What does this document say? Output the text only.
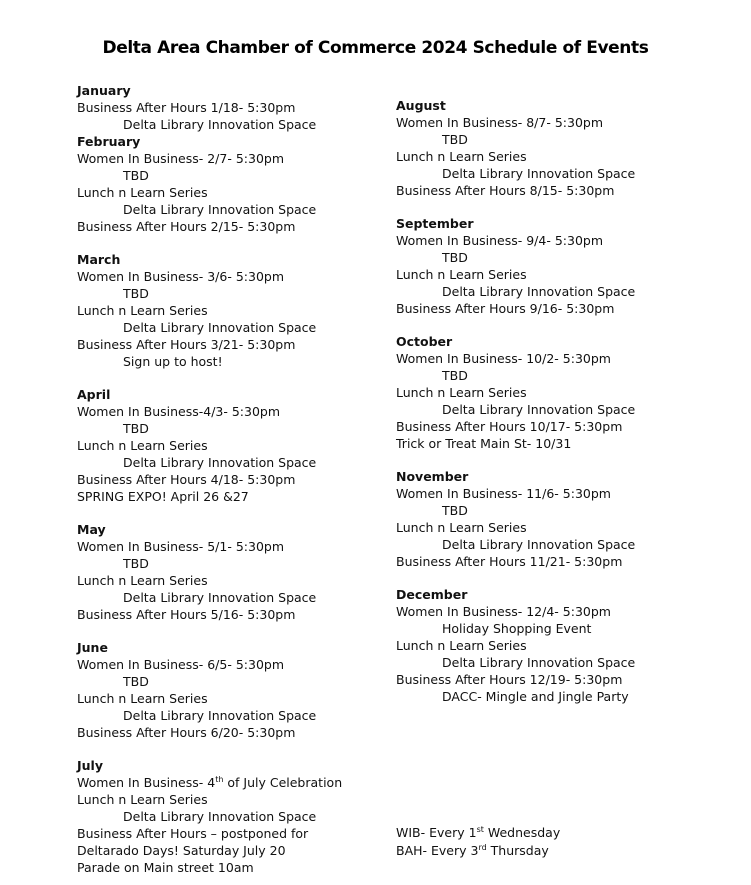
Delta Area Chamber of Commerce 2024 Schedule of Events
January
Business After Hours 1/18- 5:30pm
Delta Library Innovation Space
February
Women In Business- 2/7- 5:30pm
TBD
Lunch n Learn Series
Delta Library Innovation Space
Business After Hours 2/15- 5:30pm
March
Women In Business- 3/6- 5:30pm
TBD
Lunch n Learn Series
Delta Library Innovation Space
Business After Hours 3/21- 5:30pm
Sign up to host!
April
Women In Business-4/3- 5:30pm
TBD
Lunch n Learn Series
Delta Library Innovation Space
Business After Hours 4/18- 5:30pm
SPRING EXPO! April 26 &27
May
Women In Business- 5/1- 5:30pm
TBD
Lunch n Learn Series
Delta Library Innovation Space
Business After Hours 5/16- 5:30pm
June
Women In Business- 6/5- 5:30pm
TBD
Lunch n Learn Series
Delta Library Innovation Space
Business After Hours 6/20- 5:30pm
July
Women In Business- 4th of July Celebration
Lunch n Learn Series
Delta Library Innovation Space
Business After Hours – postponed for
Deltarado Days! Saturday July 20
Parade on Main street 10am
August
Women In Business- 8/7- 5:30pm
TBD
Lunch n Learn Series
Delta Library Innovation Space
Business After Hours 8/15- 5:30pm
September
Women In Business- 9/4- 5:30pm
TBD
Lunch n Learn Series
Delta Library Innovation Space
Business After Hours 9/16- 5:30pm
October
Women In Business- 10/2- 5:30pm
TBD
Lunch n Learn Series
Delta Library Innovation Space
Business After Hours 10/17- 5:30pm
Trick or Treat Main St- 10/31
November
Women In Business- 11/6- 5:30pm
TBD
Lunch n Learn Series
Delta Library Innovation Space
Business After Hours 11/21- 5:30pm
December
Women In Business- 12/4- 5:30pm
Holiday Shopping Event
Lunch n Learn Series
Delta Library Innovation Space
Business After Hours 12/19- 5:30pm
DACC- Mingle and Jingle Party
WIB- Every 1st Wednesday
BAH- Every 3rd Thursday
